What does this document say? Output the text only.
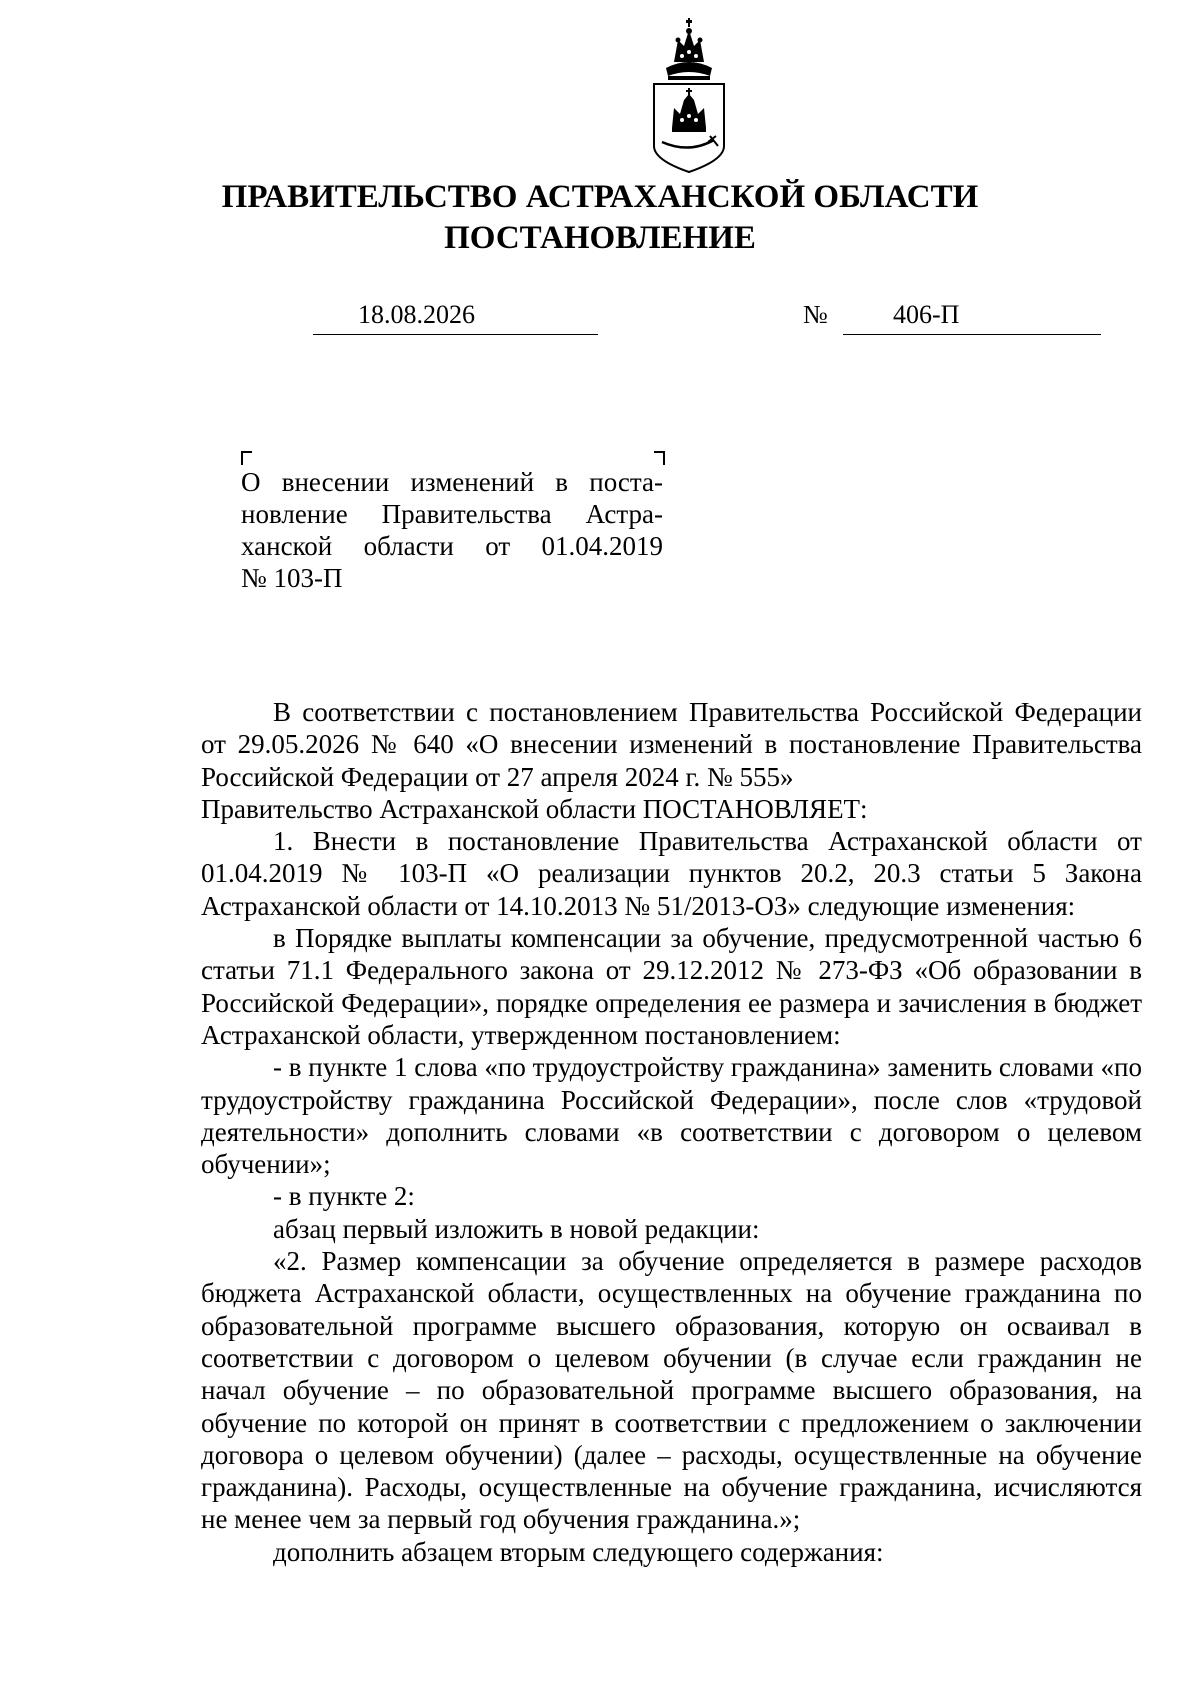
ПРАВИТЕЛЬСТВО АСТРАХАНСКОЙ ОБЛАСТИ
ПОСТАНОВЛЕНИЕ
18.08.2026	№	406-П
О внесении изменений в поста-
новление Правительства Астра-
ханской области от 01.04.2019
№ 103-П

В соответствии с постановлением Правительства Российской Федерации от 29.05.2026 № 640 «О внесении изменений в постановление Правительства Российской Федерации от 27 апреля 2024 г. № 555»

Правительство Астраханской области ПОСТАНОВЛЯЕТ:

1. Внести в постановление Правительства Астраханской области от 01.04.2019 № 103-П «О реализации пунктов 20.2, 20.3 статьи 5 Закона Астраханской области от 14.10.2013 № 51/2013-ОЗ» следующие изменения:

в Порядке выплаты компенсации за обучение, предусмотренной частью 6 статьи 71.1 Федерального закона от 29.12.2012 № 273-ФЗ «Об образовании в Российской Федерации», порядке определения ее размера и зачисления в бюджет Астраханской области, утвержденном постановлением:

- в пункте 1 слова «по трудоустройству гражданина» заменить словами «по трудоустройству гражданина Российской Федерации», после слов «трудовой деятельности» дополнить словами «в соответствии с договором о целевом обучении»;

- в пункте 2:

абзац первый изложить в новой редакции:

«2. Размер компенсации за обучение определяется в размере расходов бюджета Астраханской области, осуществленных на обучение гражданина по образовательной программе высшего образования, которую он осваивал в соответствии с договором о целевом обучении (в случае если гражданин не начал обучение – по образовательной программе высшего образования, на обучение по которой он принят в соответствии с предложением о заключении договора о целевом обучении) (далее – расходы, осуществленные на обучение гражданина). Расходы, осуществленные на обучение гражданина, исчисляются не менее чем за первый год обучения гражданина.»;

дополнить абзацем вторым следующего содержания:
